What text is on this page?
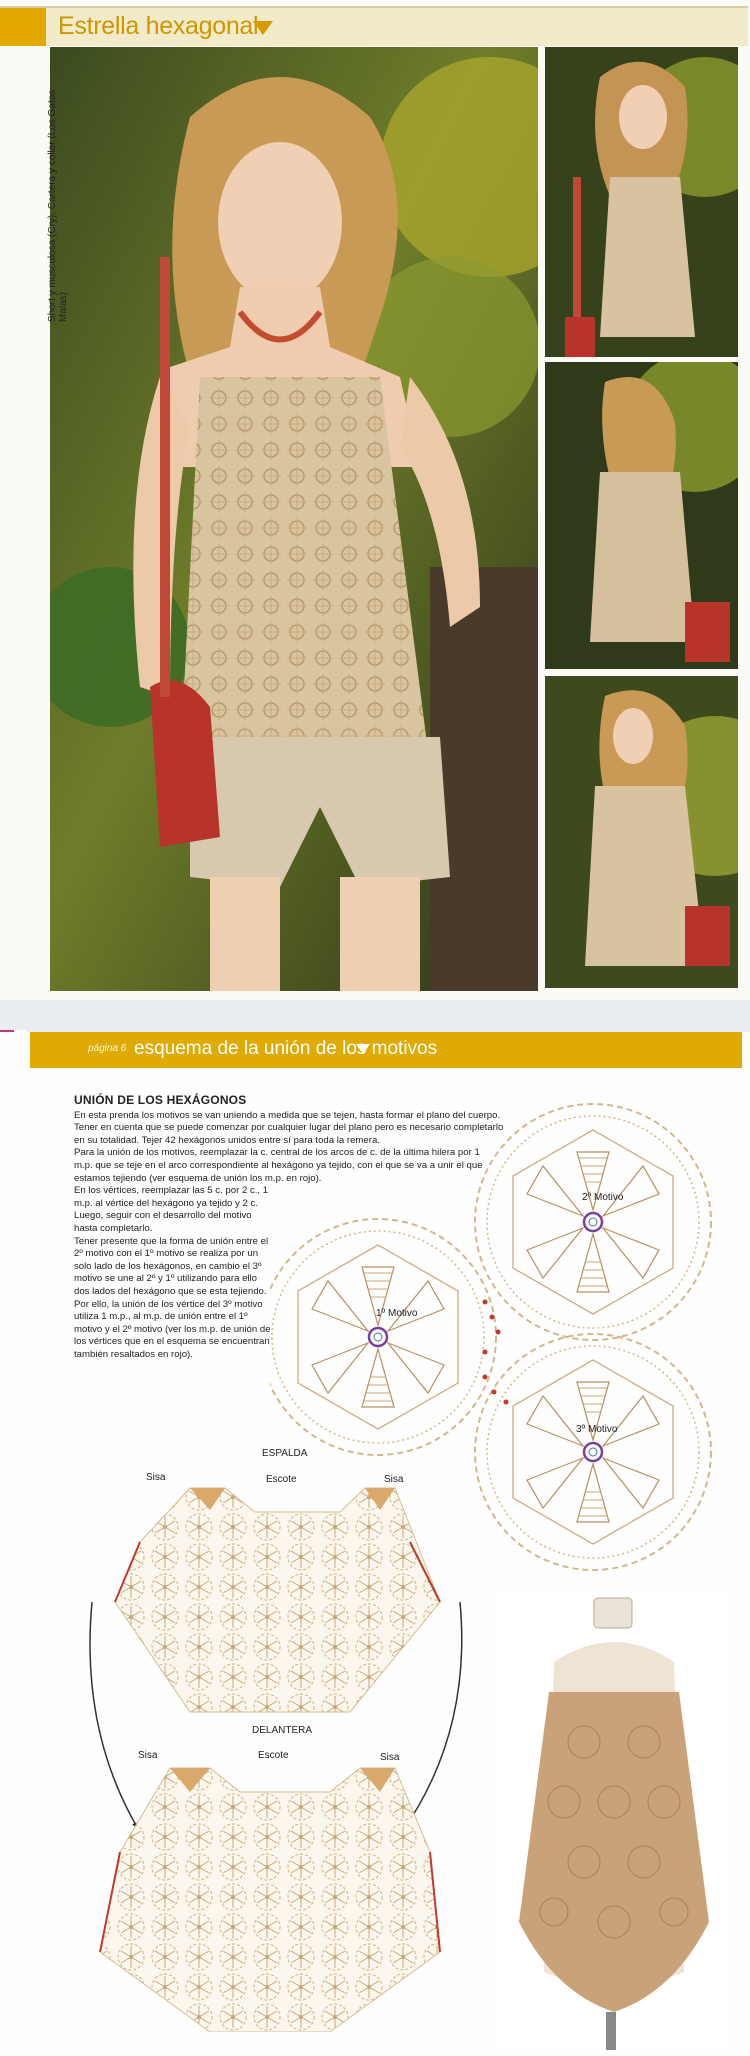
Estrella hexagonal
Short y musculosa (Cry). Cartera y collar (Los Gatos Malas)
página 6 esquema de la unión de los motivos
UNIÓN DE LOS HEXÁGONOS
En esta prenda los motivos se van uniendo a medida que se tejen, hasta formar el plano del cuerpo. Tener en cuenta que se puede comenzar por cualquier lugar del plano pero es necesario completarlo en su totalidad. Tejer 42 hexágonos unidos entre sí para toda la remera.
Para la unión de los motivos, reemplazar la c. central de los arcos de c. de la última hilera por 1 m.p. que se teje en el arco correspondiente al hexágono ya tejido, con el que se va a unir el que estamos tejiendo (ver esquema de unión los m.p. en rojo).
En los vértices, reemplazar las 5 c. por 2 c., 1 m.p. al vértice del hexágono ya tejido y 2 c. Luego, seguir con el desarrollo del motivo hasta completarlo.
Tener presente que la forma de unión entre el 2º motivo con el 1º motivo se realiza por un solo lado de los hexágonos, en cambio el 3º motivo se une al 2º y 1º utilizando para ello dos lados del hexágono que se esta tejiendo. Por ello, la unión de los vértice del 3º motivo utiliza 1 m.p., al m.p. de unión entre el 1º motivo y el 2º motivo (ver los m.p. de unión de los vértices que en el esquema se encuentran también resaltados en rojo).
2º Motivo
1º Motivo
3º Motivo
ESPALDA
Sisa	Escote	Sisa
DELANTERA
Sisa	Escote	Sisa
